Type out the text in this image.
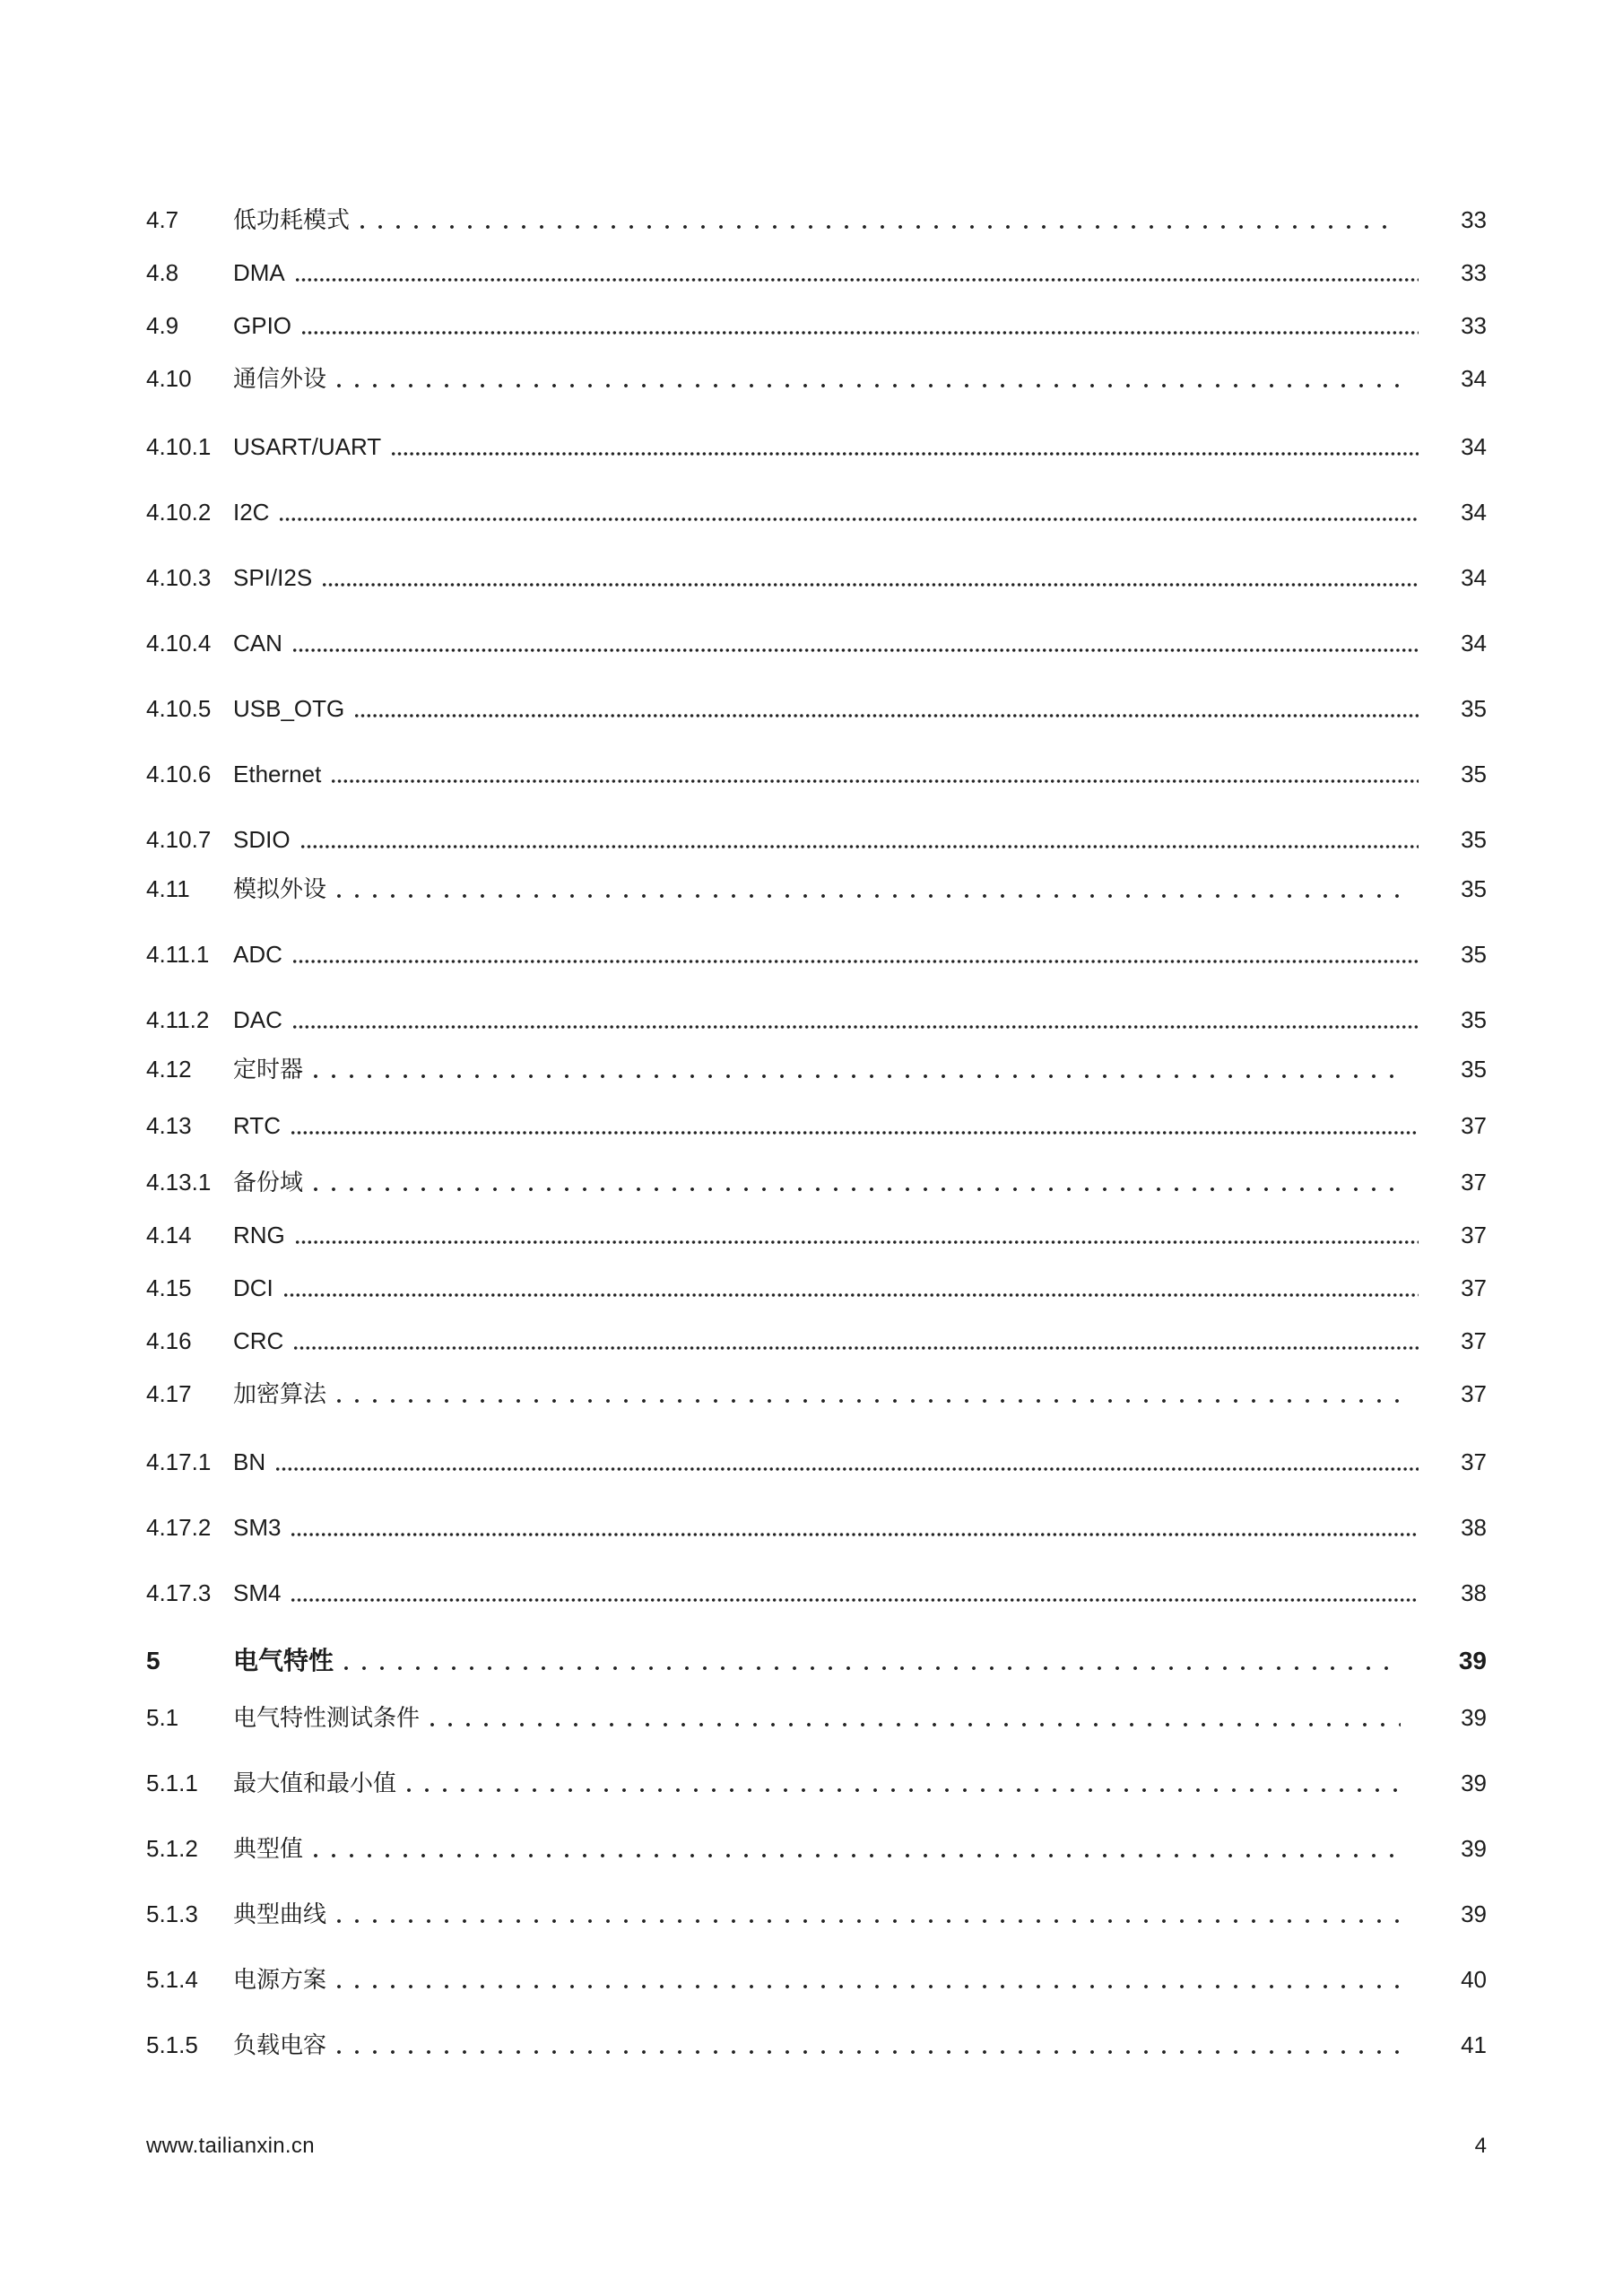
4.7	低功耗模式	33
4.8	DMA	33
4.9	GPIO	33
4.10	通信外设	34
4.10.1 USART/UART	34
4.10.2 I2C	34
4.10.3 SPI/I2S	34
4.10.4 CAN	34
4.10.5 USB_OTG	35
4.10.6 Ethernet	35
4.10.7 SDIO	35
4.11	模拟外设	35
4.11.1	ADC	35
4.11.2	DAC	35
4.12	定时器	35
4.13	RTC	37
4.13.1 备份域	37
4.14	RNG	37
4.15	DCI	37
4.16	CRC	37
4.17	加密算法	37
4.17.1 BN	37
4.17.2 SM3	38
4.17.3 SM4	38
5	电气特性	39
5.1	电气特性测试条件	39
5.1.1	最大值和最小值	39
5.1.2	典型值	39
5.1.3	典型曲线	39
5.1.4	电源方案	40
5.1.5	负载电容	41
www.tailianxin.cn	4
